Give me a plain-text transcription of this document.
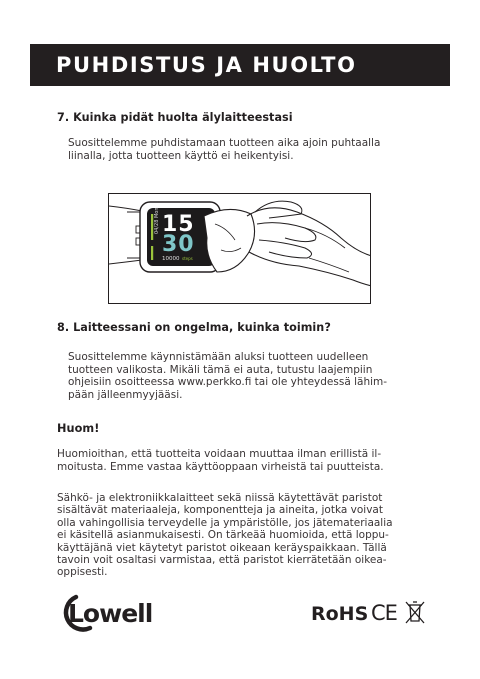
PUHDISTUS JA HUOLTO
7. Kuinka pidät huolta älylaitteestasi
Suosittelemme puhdistamaan tuotteen aika ajoin puhtaalla
liinalla, jotta tuotteen käyttö ei heikentyisi.
04/28 Mon 15
30
10000 steps
8. Laitteessani on ongelma, kuinka toimin?
Suosittelemme käynnistämään aluksi tuotteen uudelleen
tuotteen valikosta. Mikäli tämä ei auta, tutustu laajempiin
ohjeisiin osoitteessa www.perkko.fi tai ole yhteydessä lähim-
pään jälleenmyyjääsi.
Huom!
Huomioithan, että tuotteita voidaan muuttaa ilman erillistä il-
moitusta. Emme vastaa käyttöoppaan virheistä tai puutteista.
Sähkö- ja elektroniikkalaitteet sekä niissä käytettävät paristot
sisältävät materiaaleja, komponentteja ja aineita, jotka voivat
olla vahingollisia terveydelle ja ympäristölle, jos jätemateriaalia
ei käsitellä asianmukaisesti. On tärkeää huomioida, että loppu-
käyttäjänä viet käytetyt paristot oikeaan keräyspaikkaan. Tällä
tavoin voit osaltasi varmistaa, että paristot kierrätetään oikea-
oppisesti.
Lowell	RoHS CE
